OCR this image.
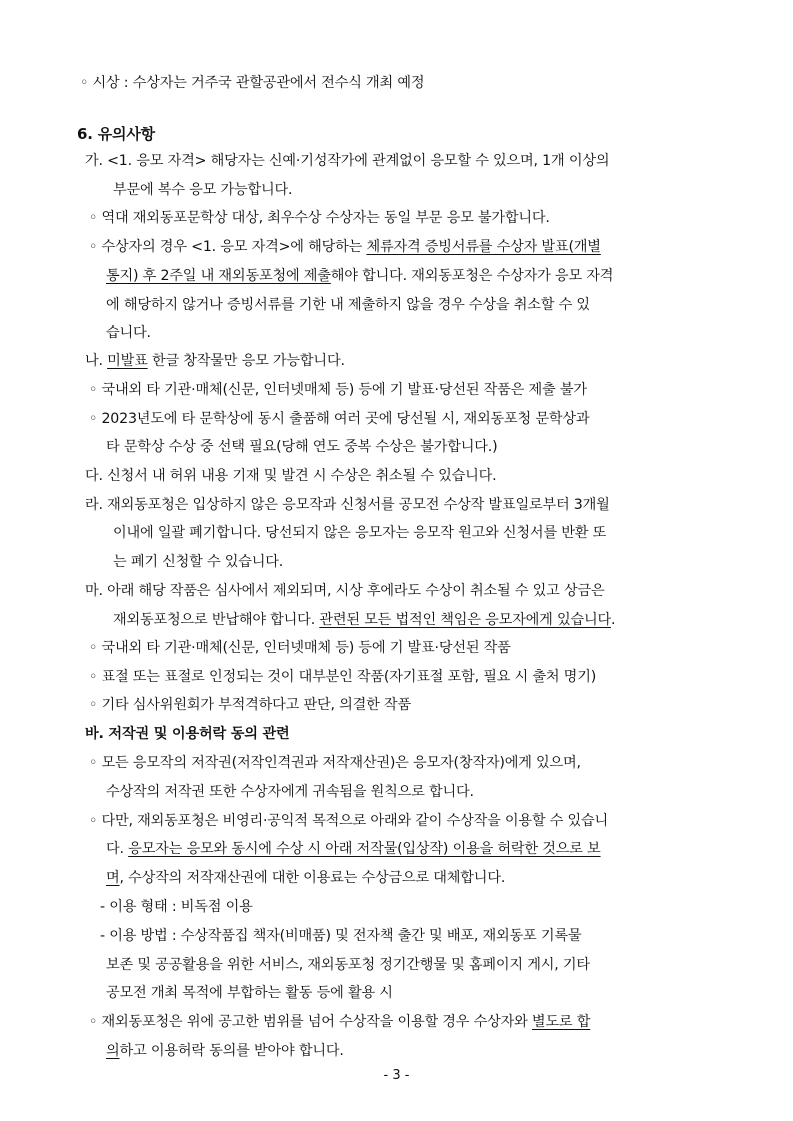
◦ 시상 : 수상자는 거주국 관할공관에서 전수식 개최 예정
6. 유의사항
가. <1. 응모 자격> 해당자는 신예·기성작가에 관계없이 응모할 수 있으며, 1개 이상의
부문에 복수 응모 가능합니다.
◦ 역대 재외동포문학상 대상, 최우수상 수상자는 동일 부문 응모 불가합니다.
◦ 수상자의 경우 <1. 응모 자격>에 해당하는 체류자격 증빙서류를 수상자 발표(개별
통지) 후 2주일 내 재외동포청에 제출해야 합니다. 재외동포청은 수상자가 응모 자격
에 해당하지 않거나 증빙서류를 기한 내 제출하지 않을 경우 수상을 취소할 수 있
습니다.
나. 미발표 한글 창작물만 응모 가능합니다.
◦ 국내외 타 기관·매체(신문, 인터넷매체 등) 등에 기 발표·당선된 작품은 제출 불가
◦ 2023년도에 타 문학상에 동시 출품해 여러 곳에 당선될 시, 재외동포청 문학상과
타 문학상 수상 중 선택 필요(당해 연도 중복 수상은 불가합니다.)
다. 신청서 내 허위 내용 기재 및 발견 시 수상은 취소될 수 있습니다.
라. 재외동포청은 입상하지 않은 응모작과 신청서를 공모전 수상작 발표일로부터 3개월
이내에 일괄 폐기합니다. 당선되지 않은 응모자는 응모작 원고와 신청서를 반환 또
는 폐기 신청할 수 있습니다.
마. 아래 해당 작품은 심사에서 제외되며, 시상 후에라도 수상이 취소될 수 있고 상금은
재외동포청으로 반납해야 합니다. 관련된 모든 법적인 책임은 응모자에게 있습니다.
◦ 국내외 타 기관·매체(신문, 인터넷매체 등) 등에 기 발표·당선된 작품
◦ 표절 또는 표절로 인정되는 것이 대부분인 작품(자기표절 포함, 필요 시 출처 명기)
◦ 기타 심사위원회가 부적격하다고 판단, 의결한 작품
바. 저작권 및 이용허락 동의 관련
◦ 모든 응모작의 저작권(저작인격권과 저작재산권)은 응모자(창작자)에게 있으며,
수상작의 저작권 또한 수상자에게 귀속됨을 원칙으로 합니다.
◦ 다만, 재외동포청은 비영리·공익적 목적으로 아래와 같이 수상작을 이용할 수 있습니
다. 응모자는 응모와 동시에 수상 시 아래 저작물(입상작) 이용을 허락한 것으로 보
며, 수상작의 저작재산권에 대한 이용료는 수상금으로 대체합니다.
- 이용 형태 : 비독점 이용
- 이용 방법 : 수상작품집 책자(비매품) 및 전자책 출간 및 배포, 재외동포 기록물
보존 및 공공활용을 위한 서비스, 재외동포청 정기간행물 및 홈페이지 게시, 기타
공모전 개최 목적에 부합하는 활동 등에 활용 시
◦ 재외동포청은 위에 공고한 범위를 넘어 수상작을 이용할 경우 수상자와 별도로 합
의하고 이용허락 동의를 받아야 합니다.
- 3 -
